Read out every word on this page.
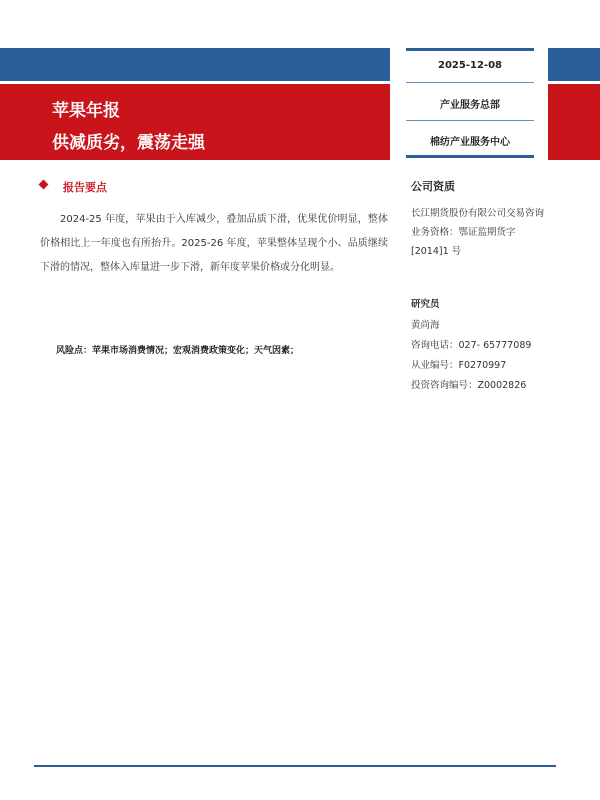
苹果年报
供减质劣，震荡走强
2025-12-08
产业服务总部
棉纺产业服务中心
报告要点

2024-25 年度，苹果由于入库减少，叠加品质下滑，优果优价明显，整体价格相比上一年度也有所抬升。2025-26 年度，苹果整体呈现个小、品质继续下滑的情况，整体入库量进一步下滑，新年度苹果价格或分化明显。

风险点：苹果市场消费情况；宏观消费政策变化；天气因素；
公司资质
长江期货股份有限公司交易咨询业务资格：鄂证监期货字[2014]1 号
研究员
黄尚海
咨询电话：027- 65777089
从业编号：F0270997
投资咨询编号：Z0002826
